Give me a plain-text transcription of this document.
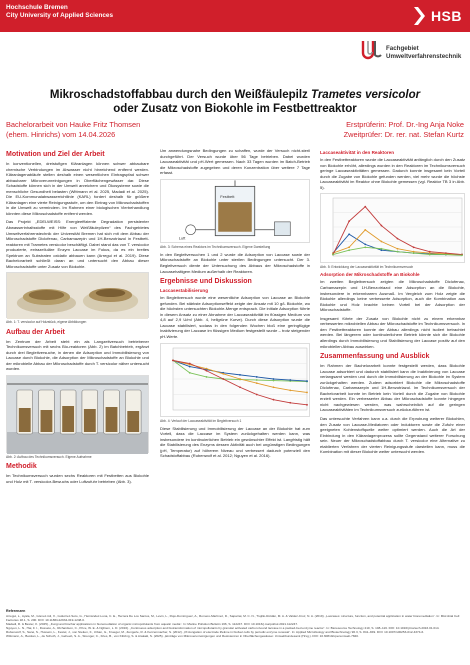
Hochschule Bremen
City University of Applied Sciences	HSB
Fachgebiet
Umweltverfahrenstechnik
Mikroschadstoffabbau durch den Weißfäulepilz Trametes versicolor
oder Zusatz von Biokohle im Festbettreaktor
Bachelorarbeit von Hauke Fritz Thomsen
(ehem. Hinrichs) vom 14.04.2026
Erstprüferin: Prof. Dr.-Ing Anja Noke
Zweitprüfer: Dr. rer. nat. Stefan Kurtz
Motivation und Ziel der Arbeit

In konventionellen, dreistufigen Kläranlagen können schwer abbaubare chemische Verbindungen im Abwasser nicht hinreichend entfernt werden. Kläranlagenabläufe stellen deshalb einen wesentlichen Eintragspfad schwer abbaubarer Mikroverunreinigungen in Oberflächengewässer dar. Diese Schadstoffe können sich in der Umwelt anreichern und Ökosysteme sowie die menschliche Gesundheit belasten (Wittmann et al. 2025, Madadi et al. 2025). Die EU-Kommunalabwasserrichtlinie (KARL) fordert deshalb für größere Kläranlagen eine vierte Reinigungsstufe, um den Eintrag von Mikroschadstoffen in die Umwelt zu vermindern. Im Rahmen einer biologischen Vierbehandlung könnten diese Mikroschadstoffe entfernt werden.

Das Projekt „EDELWEISS: Energieeffiziente Degradation persistenter Abwasserinhaltsstoffe mit Hilfe von Weißfäulepilzen“ des Fachgebietes Umweltverfahrenstechnik der Universität Bremen hat sich mit dem Abbau der Mikroschadstoffe Diclofenac, Carbamazepin und 1H-Benzotriazol in Festbett-reaktoren mit Trametes versicolor beschäftigt. Dabei stand das von T. versicolor produzierte, extrazelluläre Enzym Laccase im Fokus, da es ein breites Spektrum an Substraten oxidativ abbauen kann (Arregui et al. 2019). Diese Bachelorarbeit schließt daran an und untersucht den Abbau dieser Mikroschadstoffe unter Zusatz von Biokohle.

Abb. 1: T. versicolor auf Holzstück, eigene Abbildungen
Aufbau der Arbeit

Im Zentrum der Arbeit steht ein als Langzeitversuch betriebener Technikumsversuch mit sechs Bio-reaktoren (Abb. 2) im Batchbetrieb, ergänzt durch drei Begleitversuche, in denen die Adsorption und Immobilisierung von Laccase durch Biokohle, die Adsorption der Mikroschadstoffe an Biokohle und der mikrobielle Abbau der Mikroschadstoffe durch T. versicolor näher untersucht wurden.

Abb. 2: Aufbau des Technikumsversuch. Eigene Aufnahme
Methodik

Im Technikumsversuch wurden sechs Reaktoren mit Festbetten aus Biokohle und Holz mit T. versicolor-Bewuchs oder Luftzufuhr betrieben (Abb. 3).

Um anwendungsnahe Bedingungen zu schaffen, wurde der Versuch nicht-steril durchgeführt. Der Versuch wurde über 56 Tage betrieben. Dabei wurden Laccaseaktivität und pH-Wert gemessen. Nach 33 Tagen wurden im Batch-Betrieb die Mikroschadstoffe zugegeben und deren Konzentration über weitere 7 Tage erfasst.

Festbett
Luft
Abb. 3: Schema eines Reaktors im Technikumsversuch. Eigene Darstellung

In den Begleitversuchen 1 und 2 wurde die Adsorption von Laccase sowie der Mikroschadstoffe an Biokohle unter sterilen Bedingungen untersucht. Der 3. Begleitversuch diente der Untersuchung des Abbaus der Mikroschadstoffe in Laccasehaltigem Medium außerhalb der Reaktoren.

Ergebnisse und Diskussion
Laccasestabilisierung

Im Begleitversuch wurde eine wesentliche Adsorption von Laccase an Biokohle gefunden. Bei stärkste Adsorptionseffekt zeigte der Ansatz mit 10 g/L Biokohle, wo die höchsten untersuchten Biokohle-Menge entsprach. Die initiale Adsorption führte in diesem Ansatz zu einer Abnahme der Laccaseaktivität im flüssigen Medium von 4,8 auf 2,9 U/ml (Abb. 4, hellgrüne Kurve). Durch diese Adsorption wurde die Laccase stabilisiert, sodass in den folgenden Wochen bloß eine geringfügige Inaktivierung der Laccase im flüssigen Medium festgestellt wurde – trotz steigender pH-Werte.

Abb. 4: Verlauf der Laccaseaktivität im Begleitversuch 1

Diese Stabilisierung und Immobilisierung der Laccase an der Biokohle hat zum Vorteil, dass die Laccase im System zurückgehalten werden kann, was insbesondere im kontinuierlichen Betrieb ein gewünschter Effekt ist. Langfristig hält die Stabilisierung des Enzyms dessen Aktivität auch bei ungünstigen Bedingungen (pH, Temperatur) auf höherem Niveau und verbessert dadurch potenziell den Schadstoffabbau (Rubenwolf et al. 2012; Nguyen et al. 2016).

Laccaseaktivität in den Reaktoren

In den Festbettreaktoren wurde die Laccaseaktivität anfänglich durch den Zusatz von Biokohle erhöht, allerdings wurden in den Reaktoren im Technikumsversuch geringe Laccaseaktivitäten gemessen. Dadurch konnte insgesamt kein Vorteil durch die Zugabe von Biokohle gefunden werden, viel mehr wurde die höchste Laccaseaktivität im Reaktor ohne Biokohle gemessen (vgl. Reaktor TB 3 in Abb. 5).

Abb. 5: Entwicklung der Laccaseaktivität im Technikumsversuch
Adsorption der Mikroschadstoffe an Biokohle

Im zweiten Begleitversuch zeigten die Mikroschadstoffe Diclofenac, Carbamazepin und 1H-Benzotriazol eine Adsorption an die Biokohle, insbesondere in erkennbarem Ausmaß. Im Vergleich zum Holz zeigte die Biokohle allerdings keine verbesserte Adsorption, auch die Kombination aus Biokohle und Holz brachte keinen Vorteil bei der Adsorption der Mikroschadstoffe.

Insgesamt führte der Zusatz von Biokohle nicht zu einem erkennbar verbesserten mikrobiellen Abbau der Mikroschadstoffe im Technikumsversuch. In den Festbettreaktoren konnte der Abbau allerdings nicht isoliert betrachtet werden. Bei längerem oder kontinuierlichem Betrieb könnte sich die Biokohle allerdings durch Immobilisierung und Stabilisierung der Laccase positiv auf den mikrobiellen Abbau auswirken.

Zusammenfassung und Ausblick

Im Rahmen der Bachelorarbeit konnte festgestellt werden, dass Biokohle Laccase adsorbiert und dadurch stabilisiert kann die Inaktivierung von Laccase verlangsamt werden und durch die Immobilisierung an der Biokohle im System zurückgehalten werden. Zudem adsorbiert Biokohle die Mikroschadstoffe Diclofenac, Carbamazepin und 1H-Benzotriazol. Im Technikumsversuch der Bachelorarbeit konnte im Betrieb kein Vorteil durch die Zugabe von Biokohle erzielt werden. Ein verbesserter Abbau der Mikroschadstoffe konnte hingegen nicht nachgewiesen werden, was wahrscheinlich auf die geringen Laccaseaktivitäten im Technikumsversuch zurückzuführen ist.

Das untersuchte Verfahren kann u.a. durch die Erprobung weiterer Biokohlen, den Zusatz von Laccase-Mediatoren oder Induktoren sowie die Zufuhr einer geeigneten Kohlenstoffquelle weiter optimiert werden. Auch die Art der Einbindung in den Kläranlagenprozess sollte Gegenstand weiterer Forschung sein. Neuer der Mikroschadstoffabbau durch T. versicolor eine Alternative zu etablierten Verfahren der vierten Reinigungsstufe darstellen kann, muss die Kombination mit dieser Biokohle weiter untersucht werden.

Referenzen
Arregui, L., Ayala, M., Gómez-Gil, X., Gutiérrez-Soto, G., Hernández-Luna, C. E., Herrera De Los Santos, M., Levin, L., Rojo-Domínguez, A., Romero-Martínez, D., Saparrat, M. C. N., Trujillo-Roldán, M. A. & Valdez-Cruz, N. A. (2019). „Laccases: structure, function, and potential application in water bioremediation“. In: Microbial Cell Factories 18.1, S. 200. DOI: 10.1186/s12934-019-1248-0.
Madadi, R. & Bester, K. (2025). „Fungi and biochar applications in bioremediation of organic micropollutants from aquatic media“. In: Marine Pollution Bulletin 166, S. 112247. DOI: 10.1016/j.marpolbul.2021.112247.
Nguyen, L. N., Hai, F. I., Dosseto, A., Richardson, C., Price, W. E. & Nghiem, L. D. (2016). „Continuous adsorption and biotransformation of micropollutants by granular activated carbon-bound laccase in a packed-bed enzyme reactor“. In: Bioresource Technology 210, S. 108–116. DOI: 10.1016/j.biortech.2016.01.014.
Rubenwolf, S., Sané, S., Hussein, L., Kestel, J., von Stetten, F., Urban, G., Krueger, M., Zengerle, R. & Kerzenmacher, S. (2012). „Prolongation of electrode lifetime in biofuel cells by periodic enzyme renewal“. In: Applied Microbiology and Biotechnology 96.3, S. 841–849. DOI: 10.1007/s00253-012-4374-6.
Wittmann, A., Bestian, L., de Schoth, J., Geheeb, S. A., Strenger, C., Fries, B., von Klitzing, S. & Arakaki, S. (2025). „Einträge von Mikroverunreinigungen und Resistenzen in Oberflächengewässer. Umweltbundesamt (Hrsg.). DOI: 10.60810/openumwelt-7840.
